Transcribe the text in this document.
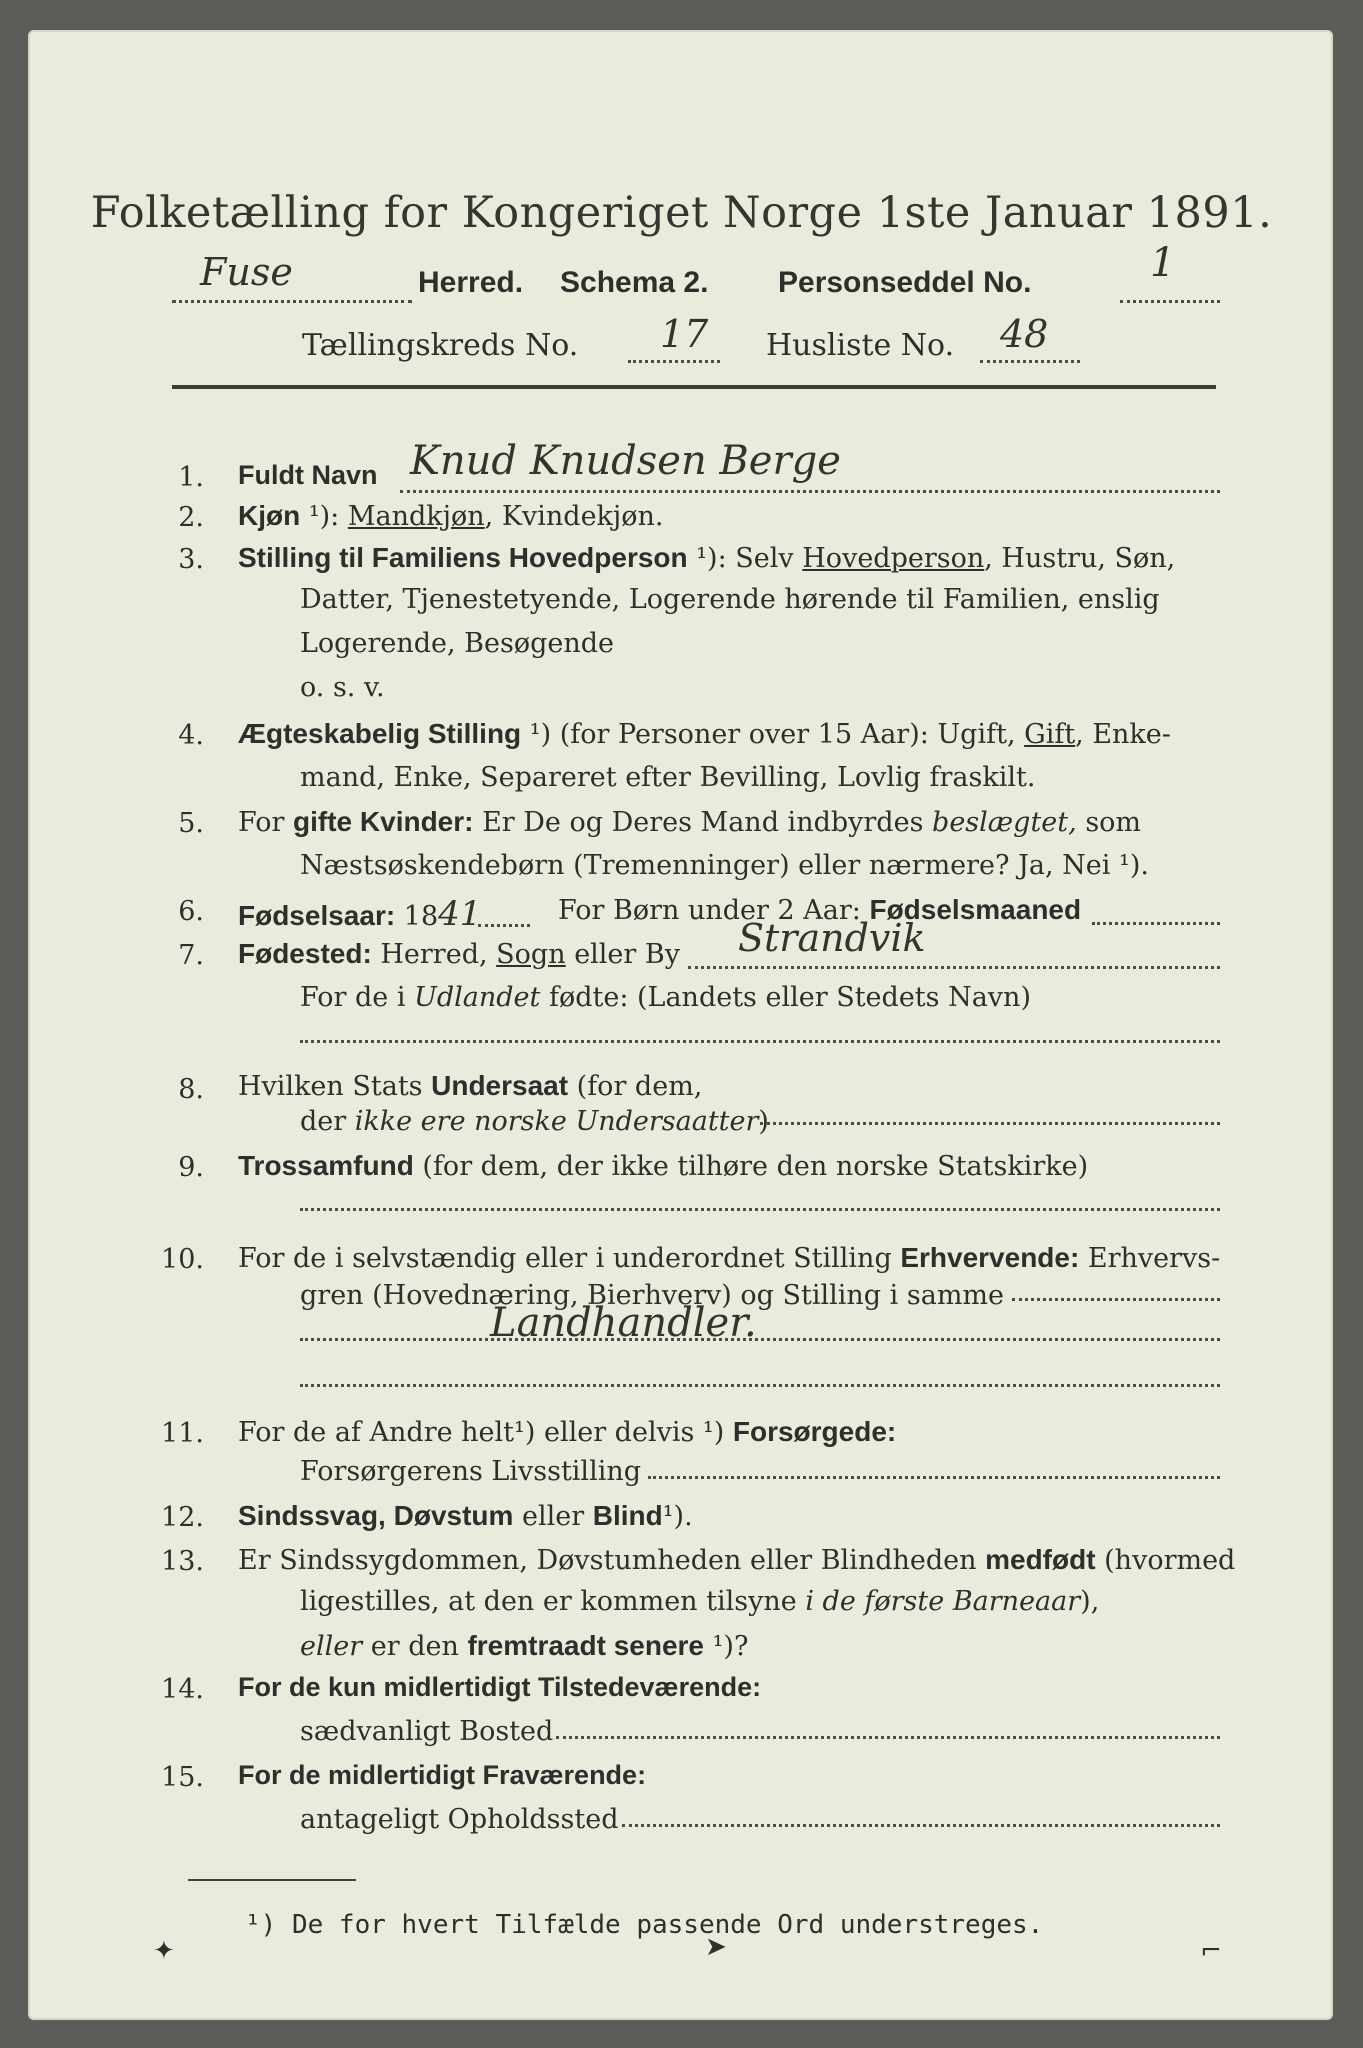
Folketælling for Kongeriget Norge 1ste Januar 1891.
Fuse	Herred. Schema 2. Personseddel No.	1
Tællingskreds No. 17 Husliste No. 48
1. Fuldt Navn Knud Knudsen Berge
2. Kjøn ¹): Mandkjøn, Kvindekjøn.
3. Stilling til Familiens Hovedperson ¹): Selv Hovedperson, Hustru, Søn,
Datter, Tjenestetyende, Logerende hørende til Familien, enslig
Logerende, Besøgende
o. s. v.
4. Ægteskabelig Stilling ¹) (for Personer over 15 Aar): Ugift, Gift, Enke-
mand, Enke, Separeret efter Bevilling, Lovlig fraskilt.
5. For gifte Kvinder: Er De og Deres Mand indbyrdes beslægtet, som
Næstsøskendebørn (Tremenninger) eller nærmere? Ja, Nei ¹).
6. Fødselsaar: 1841	For Børn under 2 Aar: Fødselsmaaned
7. Fødested: Herred, Sogn eller By Strandvik
For de i Udlandet fødte: (Landets eller Stedets Navn)
8. Hvilken Stats Undersaat (for dem,
der ikke ere norske Undersaatter)
9. Trossamfund (for dem, der ikke tilhøre den norske Statskirke)
10. For de i selvstændig eller i underordnet Stilling Erhvervende: Erhvervs-
gren (Hovednæring, Bierhverv) og Stilling i samme
Landhandler.
11. For de af Andre helt¹) eller delvis ¹) Forsørgede:
Forsørgerens Livsstilling
12. Sindssvag, Døvstum eller Blind¹).
13. Er Sindssygdommen, Døvstumheden eller Blindheden medfødt (hvormed
ligestilles, at den er kommen tilsyne i de første Barneaar),
eller er den fremtraadt senere ¹)?
14. For de kun midlertidigt Tilstedeværende:
sædvanligt Bosted
15. For de midlertidigt Fraværende:
antageligt Opholdssted
¹) De for hvert Tilfælde passende Ord understreges.
✦	➤	⌐
